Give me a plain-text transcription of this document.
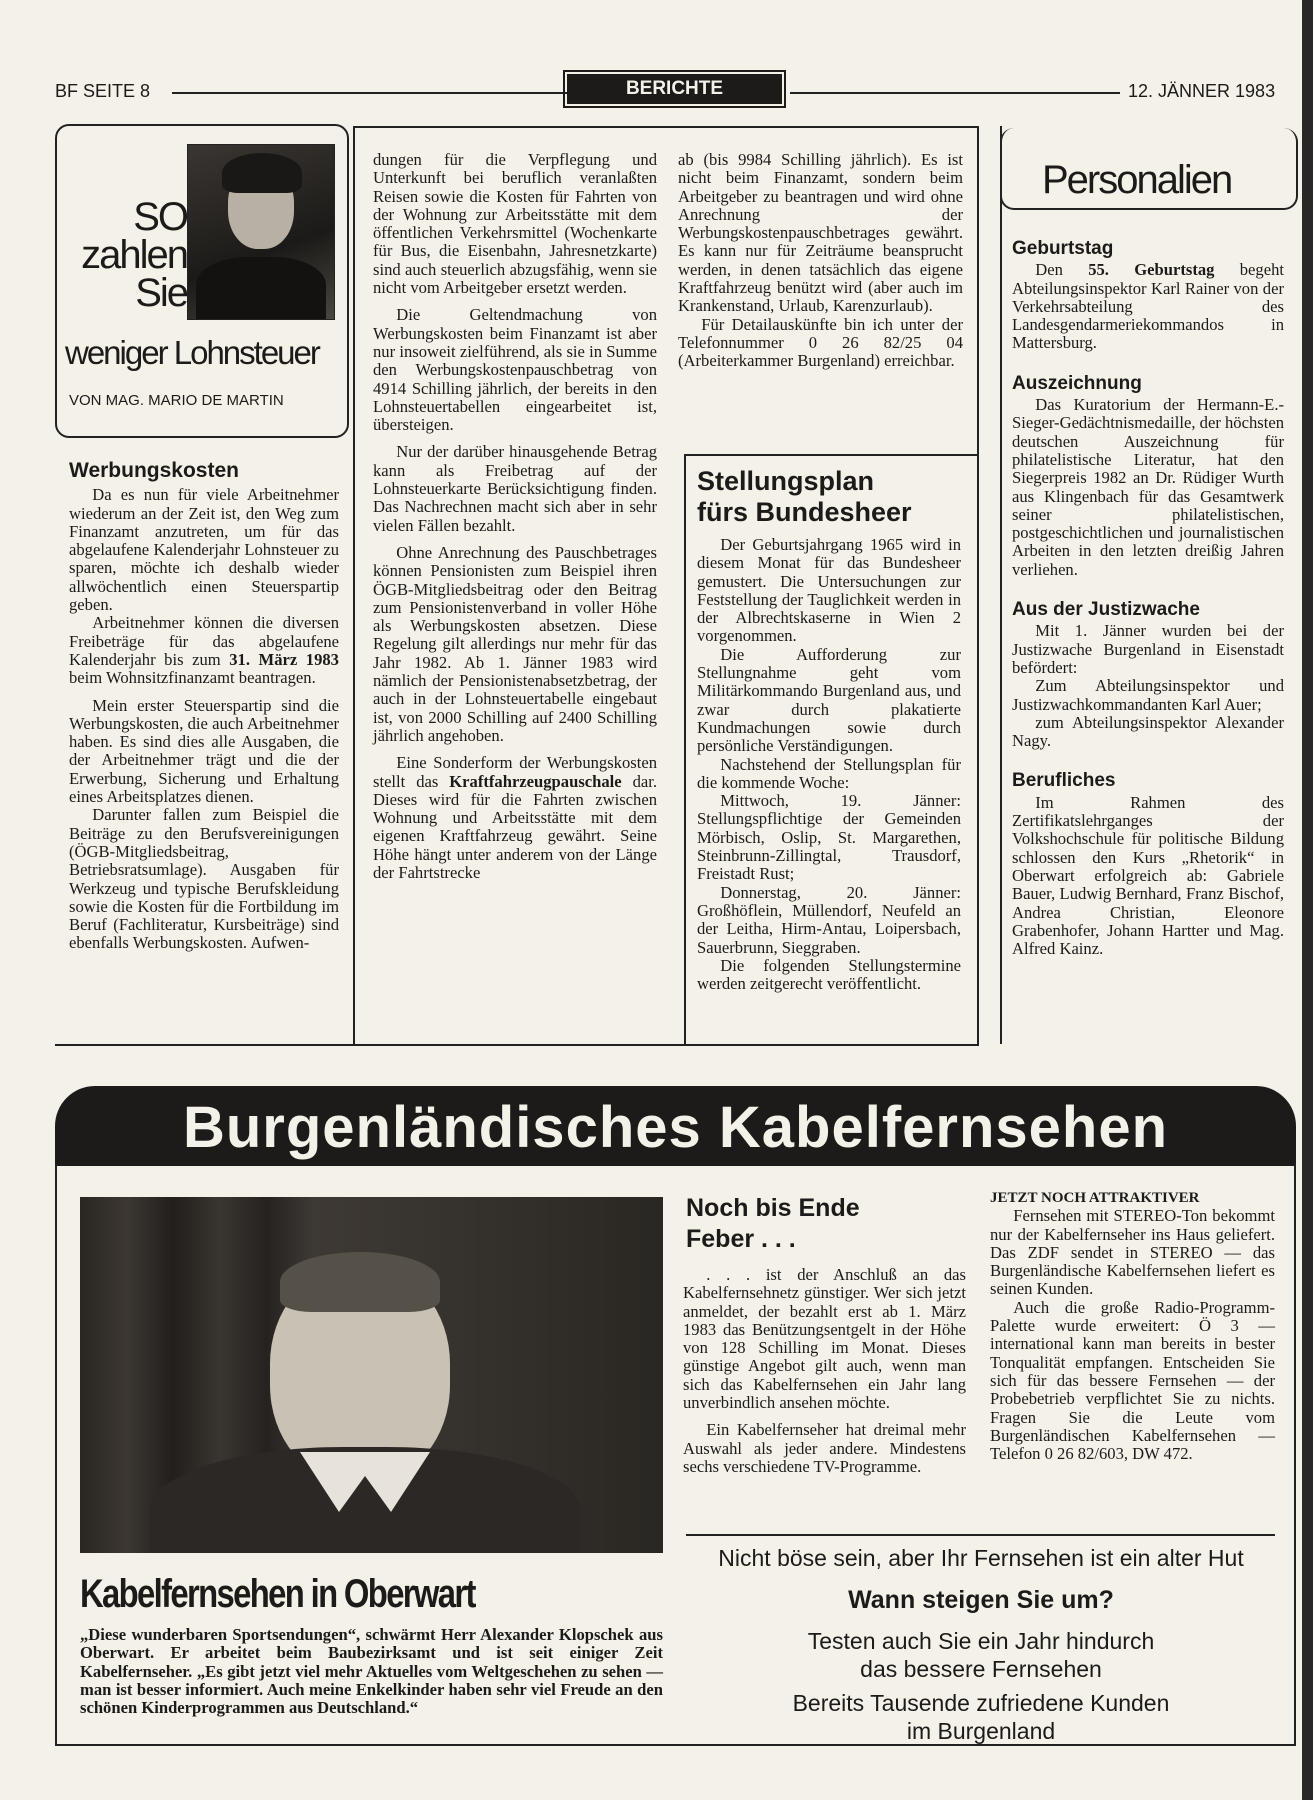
BF SEITE 8	BERICHTE	12. JÄNNER 1983
SO
zahlen
Sie
weniger Lohnsteuer
VON MAG. MARIO DE MARTIN
Werbungskosten

Da es nun für viele Arbeitnehmer wiederum an der Zeit ist, den Weg zum Finanzamt anzutreten, um für das abgelaufene Kalenderjahr Lohnsteuer zu sparen, möchte ich deshalb wieder allwöchentlich einen Steuerspartip geben.

Arbeitnehmer können die diversen Freibeträge für das abgelaufene Kalenderjahr bis zum 31. März 1983 beim Wohnsitzfinanzamt beantragen.

Mein erster Steuerspartip sind die Werbungskosten, die auch Arbeitnehmer haben. Es sind dies alle Ausgaben, die der Arbeitnehmer trägt und die der Erwerbung, Sicherung und Erhaltung eines Arbeitsplatzes dienen.

Darunter fallen zum Beispiel die Beiträge zu den Berufsvereinigungen (ÖGB-Mitgliedsbeitrag, Betriebsratsumlage). Ausgaben für Werkzeug und typische Berufskleidung sowie die Kosten für die Fortbildung im Beruf (Fachliteratur, Kursbeiträge) sind ebenfalls Werbungskosten. Aufwen-

dungen für die Verpflegung und Unterkunft bei beruflich veranlaßten Reisen sowie die Kosten für Fahrten von der Wohnung zur Arbeitsstätte mit dem öffentlichen Verkehrsmittel (Wochenkarte für Bus, die Eisenbahn, Jahresnetzkarte) sind auch steuerlich abzugsfähig, wenn sie nicht vom Arbeitgeber ersetzt werden.

Die Geltendmachung von Werbungskosten beim Finanzamt ist aber nur insoweit zielführend, als sie in Summe den Werbungskostenpauschbetrag von 4914 Schilling jährlich, der bereits in den Lohnsteuertabellen eingearbeitet ist, übersteigen.

Nur der darüber hinausgehende Betrag kann als Freibetrag auf der Lohnsteuerkarte Berücksichtigung finden. Das Nachrechnen macht sich aber in sehr vielen Fällen bezahlt.

Ohne Anrechnung des Pauschbetrages können Pensionisten zum Beispiel ihren ÖGB-Mitgliedsbeitrag oder den Beitrag zum Pensionistenverband in voller Höhe als Werbungskosten absetzen. Diese Regelung gilt allerdings nur mehr für das Jahr 1982. Ab 1. Jänner 1983 wird nämlich der Pensionistenabsetzbetrag, der auch in der Lohnsteuertabelle eingebaut ist, von 2000 Schilling auf 2400 Schilling jährlich angehoben.

Eine Sonderform der Werbungskosten stellt das Kraftfahrzeugpauschale dar. Dieses wird für die Fahrten zwischen Wohnung und Arbeitsstätte mit dem eigenen Kraftfahrzeug gewährt. Seine Höhe hängt unter anderem von der Länge der Fahrtstrecke

ab (bis 9984 Schilling jährlich). Es ist nicht beim Finanzamt, sondern beim Arbeitgeber zu beantragen und wird ohne Anrechnung der Werbungskostenpauschbetrages gewährt. Es kann nur für Zeiträume beansprucht werden, in denen tatsächlich das eigene Kraftfahrzeug benützt wird (aber auch im Krankenstand, Urlaub, Karenzurlaub).

Für Detailauskünfte bin ich unter der Telefonnummer 0 26 82/25 04 (Arbeiterkammer Burgenland) erreichbar.

Stellungsplan
fürs Bundesheer

Der Geburtsjahrgang 1965 wird in diesem Monat für das Bundesheer gemustert. Die Untersuchungen zur Feststellung der Tauglichkeit werden in der Albrechtskaserne in Wien 2 vorgenommen.

Die Aufforderung zur Stellungnahme geht vom Militärkommando Burgenland aus, und zwar durch plakatierte Kundmachungen sowie durch persönliche Verständigungen.

Nachstehend der Stellungsplan für die kommende Woche:

Mittwoch, 19. Jänner: Stellungspflichtige der Gemeinden Mörbisch, Oslip, St. Margarethen, Steinbrunn-Zillingtal, Trausdorf, Freistadt Rust;

Donnerstag, 20. Jänner: Großhöflein, Müllendorf, Neufeld an der Leitha, Hirm-Antau, Loipersbach, Sauerbrunn, Sieggraben.

Die folgenden Stellungstermine werden zeitgerecht veröffentlicht.

Personalien
Geburtstag

Den 55. Geburtstag begeht Abteilungsinspektor Karl Rainer von der Verkehrsabteilung des Landesgendarmeriekommandos in Mattersburg.

Auszeichnung

Das Kuratorium der Hermann-E.-Sieger-Gedächtnismedaille, der höchsten deutschen Auszeichnung für philatelistische Literatur, hat den Siegerpreis 1982 an Dr. Rüdiger Wurth aus Klingenbach für das Gesamtwerk seiner philatelistischen, postgeschichtlichen und journalistischen Arbeiten in den letzten dreißig Jahren verliehen.

Aus der Justizwache

Mit 1. Jänner wurden bei der Justizwache Burgenland in Eisenstadt befördert:

Zum Abteilungsinspektor und Justizwachkommandanten Karl Auer;

zum Abteilungsinspektor Alexander Nagy.

Berufliches

Im Rahmen des Zertifikatslehrganges der Volkshochschule für politische Bildung schlossen den Kurs „Rhetorik“ in Oberwart erfolgreich ab: Gabriele Bauer, Ludwig Bernhard, Franz Bischof, Andrea Christian, Eleonore Grabenhofer, Johann Hartter und Mag. Alfred Kainz.

Burgenländisches Kabelfernsehen
Kabelfernsehen in Oberwart
„Diese wunderbaren Sportsendungen“, schwärmt Herr Alexander Klopschek aus Oberwart. Er arbeitet beim Baubezirksamt und ist seit einiger Zeit Kabelfernseher. „Es gibt jetzt viel mehr Aktuelles vom Weltgeschehen zu sehen — man ist besser informiert. Auch meine Enkelkinder haben sehr viel Freude an den schönen Kinderprogrammen aus Deutschland.“
Noch bis Ende
Feber . . .

. . . ist der Anschluß an das Kabelfernsehnetz günstiger. Wer sich jetzt anmeldet, der bezahlt erst ab 1. März 1983 das Benützungsentgelt in der Höhe von 128 Schilling im Monat. Dieses günstige Angebot gilt auch, wenn man sich das Kabelfernsehen ein Jahr lang unverbindlich ansehen möchte.

Ein Kabelfernseher hat dreimal mehr Auswahl als jeder andere. Mindestens sechs verschiedene TV-Programme.

JETZT NOCH ATTRAKTIVER

Fernsehen mit STEREO-Ton bekommt nur der Kabelfernseher ins Haus geliefert. Das ZDF sendet in STEREO — das Burgenländische Kabelfernsehen liefert es seinen Kunden.

Auch die große Radio-Programm-Palette wurde erweitert: Ö 3 — international kann man bereits in bester Tonqualität empfangen. Entscheiden Sie sich für das bessere Fernsehen — der Probebetrieb verpflichtet Sie zu nichts. Fragen Sie die Leute vom Burgenländischen Kabelfernsehen — Telefon 0 26 82/603, DW 472.

Nicht böse sein, aber Ihr Fernsehen ist ein alter Hut
Wann steigen Sie um?
Testen auch Sie ein Jahr hindurch
das bessere Fernsehen
Bereits Tausende zufriedene Kunden
im Burgenland
